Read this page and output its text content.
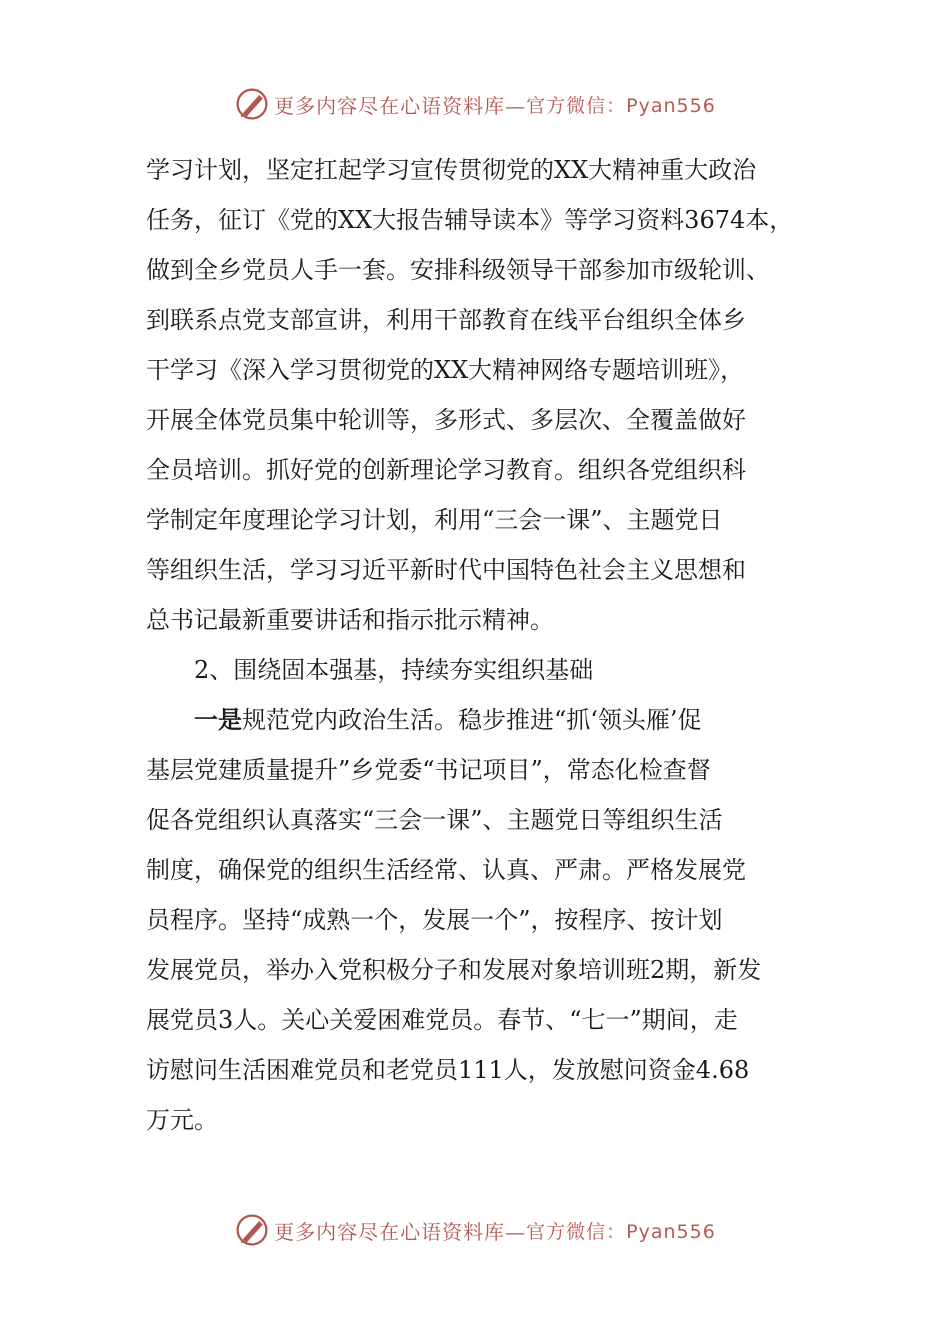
更多内容尽在心语资料库— 官方微信：Pyan556
学习计划，坚定扛起学习宣传贯彻党的XX大精神重大政治
任务，征订《党的XX大报告辅导读本》等学习资料3674本，
做到全乡党员人手一套。安排科级领导干部参加市级轮训、
到联系点党支部宣讲，利用干部教育在线平台组织全体乡
干学习《深入学习贯彻党的XX大精神网络专题培训班》，
开展全体党员集中轮训等，多形式、多层次、全覆盖做好
全员培训。抓好党的创新理论学习教育。组织各党组织科
学制定年度理论学习计划，利用“三会一课”、主题党日
等组织生活，学习习近平新时代中国特色社会主义思想和
总书记最新重要讲话和指示批示精神。
2、围绕固本强基，持续夯实组织基础
一是规范党内政治生活。稳步推进“抓‘领头雁’促
基层党建质量提升”乡党委“书记项目”，常态化检查督
促各党组织认真落实“三会一课”、主题党日等组织生活
制度，确保党的组织生活经常、认真、严肃。严格发展党
员程序。坚持“成熟一个，发展一个”，按程序、按计划
发展党员，举办入党积极分子和发展对象培训班2期，新发
展党员3人。关心关爱困难党员。春节、“七一”期间，走
访慰问生活困难党员和老党员111人，发放慰问资金4.68
万元。
更多内容尽在心语资料库— 官方微信：Pyan556
